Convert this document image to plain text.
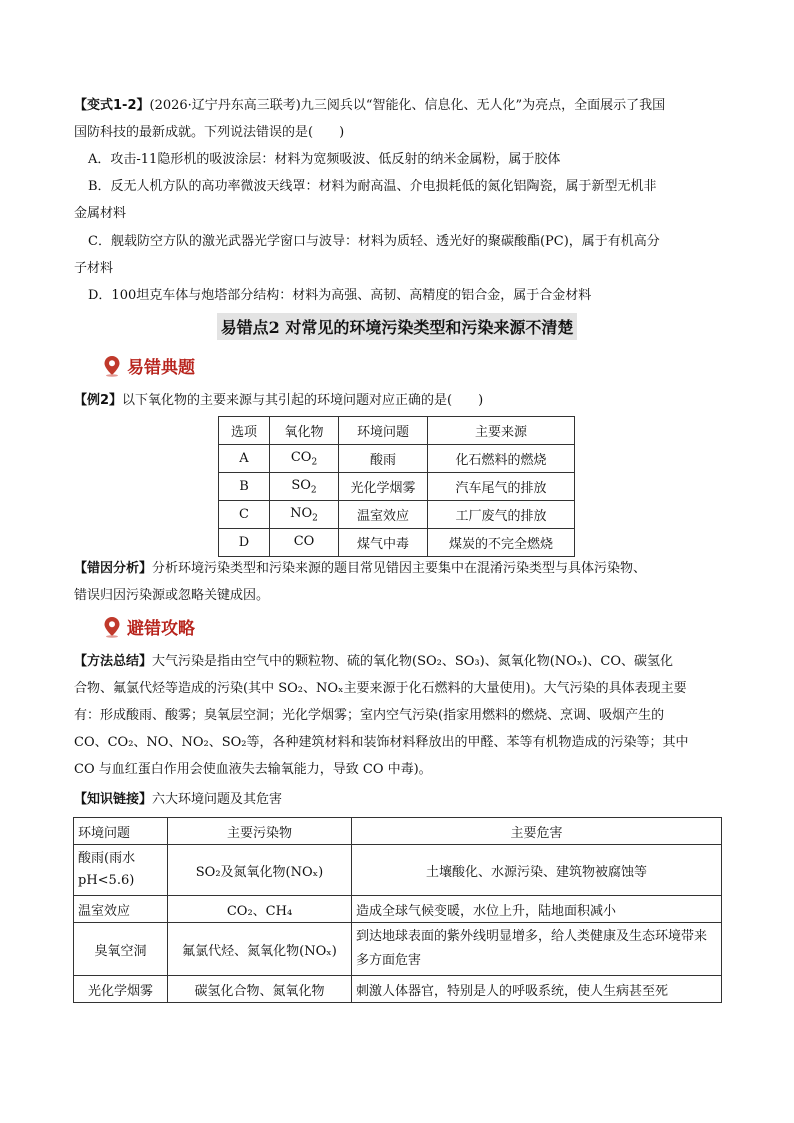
【变式1-2】(2026·辽宁丹东高三联考)九三阅兵以“智能化、信息化、无人化”为亮点，全面展示了我国

国防科技的最新成就。下列说法错误的是(　　)

A．攻击-11隐形机的吸波涂层：材料为宽频吸波、低反射的纳米金属粉，属于胶体

B．反无人机方队的高功率微波天线罩：材料为耐高温、介电损耗低的氮化铝陶瓷，属于新型无机非

金属材料

C．舰载防空方队的激光武器光学窗口与波导：材料为质轻、透光好的聚碳酸酯(PC)，属于有机高分

子材料

D．100坦克车体与炮塔部分结构：材料为高强、高韧、高精度的铝合金，属于合金材料

易错点2 对常见的环境污染类型和污染来源不清楚
易错典题

【例2】以下氧化物的主要来源与其引起的环境问题对应正确的是(　　)

选项	氧化物	环境问题	主要来源
A	$CO_2$	酸雨	化石燃料的燃烧
B	$SO_2$	光化学烟雾	汽车尾气的排放
C	$NO_2$	温室效应	工厂废气的排放
D	CO	煤气中毒	煤炭的不完全燃烧

【错因分析】分析环境污染类型和污染来源的题目常见错因主要集中在混淆污染类型与具体污染物、

错误归因污染源或忽略关键成因。

避错攻略

【方法总结】大气污染是指由空气中的颗粒物、硫的氧化物(SO₂、SO₃)、氮氧化物(NOₓ)、CO、碳氢化

合物、氟氯代烃等造成的污染(其中 SO₂、NOₓ主要来源于化石燃料的大量使用)。大气污染的具体表现主要

有：形成酸雨、酸雾；臭氧层空洞；光化学烟雾；室内空气污染(指家用燃料的燃烧、烹调、吸烟产生的

CO、CO₂、NO、NO₂、SO₂等，各种建筑材料和装饰材料释放出的甲醛、苯等有机物造成的污染等；其中

CO 与血红蛋白作用会使血液失去输氧能力，导致 CO 中毒)。

【知识链接】六大环境问题及其危害

环境问题	主要污染物	主要危害
酸雨(雨水pH<5.6)	SO₂及氮氧化物(NOₓ)	土壤酸化、水源污染、建筑物被腐蚀等
温室效应	CO₂、CH₄	造成全球气候变暖，水位上升，陆地面积减小
臭氧空洞	氟氯代烃、氮氧化物(NOₓ)	到达地球表面的紫外线明显增多，给人类健康及生态环境带来多方面危害
光化学烟雾	碳氢化合物、氮氧化物	刺激人体器官，特别是人的呼吸系统，使人生病甚至死
